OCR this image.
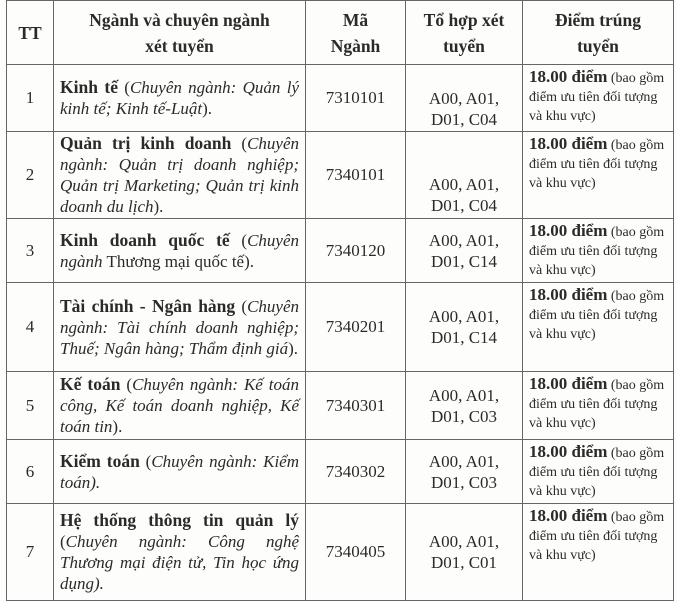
TT	Ngành và chuyên ngành xét tuyển	Mã Ngành	Tổ hợp xét tuyển	Điểm trúng tuyển
1	Kinh tế (Chuyên ngành: Quản lý kinh tế; Kinh tế-Luật).	7310101	A00, A01, D01, C04	18.00 điểm (bao gồm điểm ưu tiên đối tượng và khu vực)
2	Quản trị kinh doanh (Chuyên ngành: Quản trị doanh nghiệp; Quản trị Marketing; Quản trị kinh doanh du lịch).	7340101	A00, A01, D01, C04	18.00 điểm (bao gồm điểm ưu tiên đối tượng và khu vực)
3	Kinh doanh quốc tế (Chuyên ngành Thương mại quốc tế).	7340120	A00, A01, D01, C14	18.00 điểm (bao gồm điểm ưu tiên đối tượng và khu vực)
4	Tài chính - Ngân hàng (Chuyên ngành: Tài chính doanh nghiệp; Thuế; Ngân hàng; Thẩm định giá).	7340201	A00, A01, D01, C14	18.00 điểm (bao gồm điểm ưu tiên đối tượng và khu vực)
5	Kế toán (Chuyên ngành: Kế toán công, Kế toán doanh nghiệp, Kế toán tin).	7340301	A00, A01, D01, C03	18.00 điểm (bao gồm điểm ưu tiên đối tượng và khu vực)
6	Kiểm toán (Chuyên ngành: Kiểm toán).	7340302	A00, A01, D01, C03	18.00 điểm (bao gồm điểm ưu tiên đối tượng và khu vực)
7	Hệ thống thông tin quản lý (Chuyên ngành: Công nghệ Thương mại điện tử, Tin học ứng dụng).	7340405	A00, A01, D01, C01	18.00 điểm (bao gồm điểm ưu tiên đối tượng và khu vực)
